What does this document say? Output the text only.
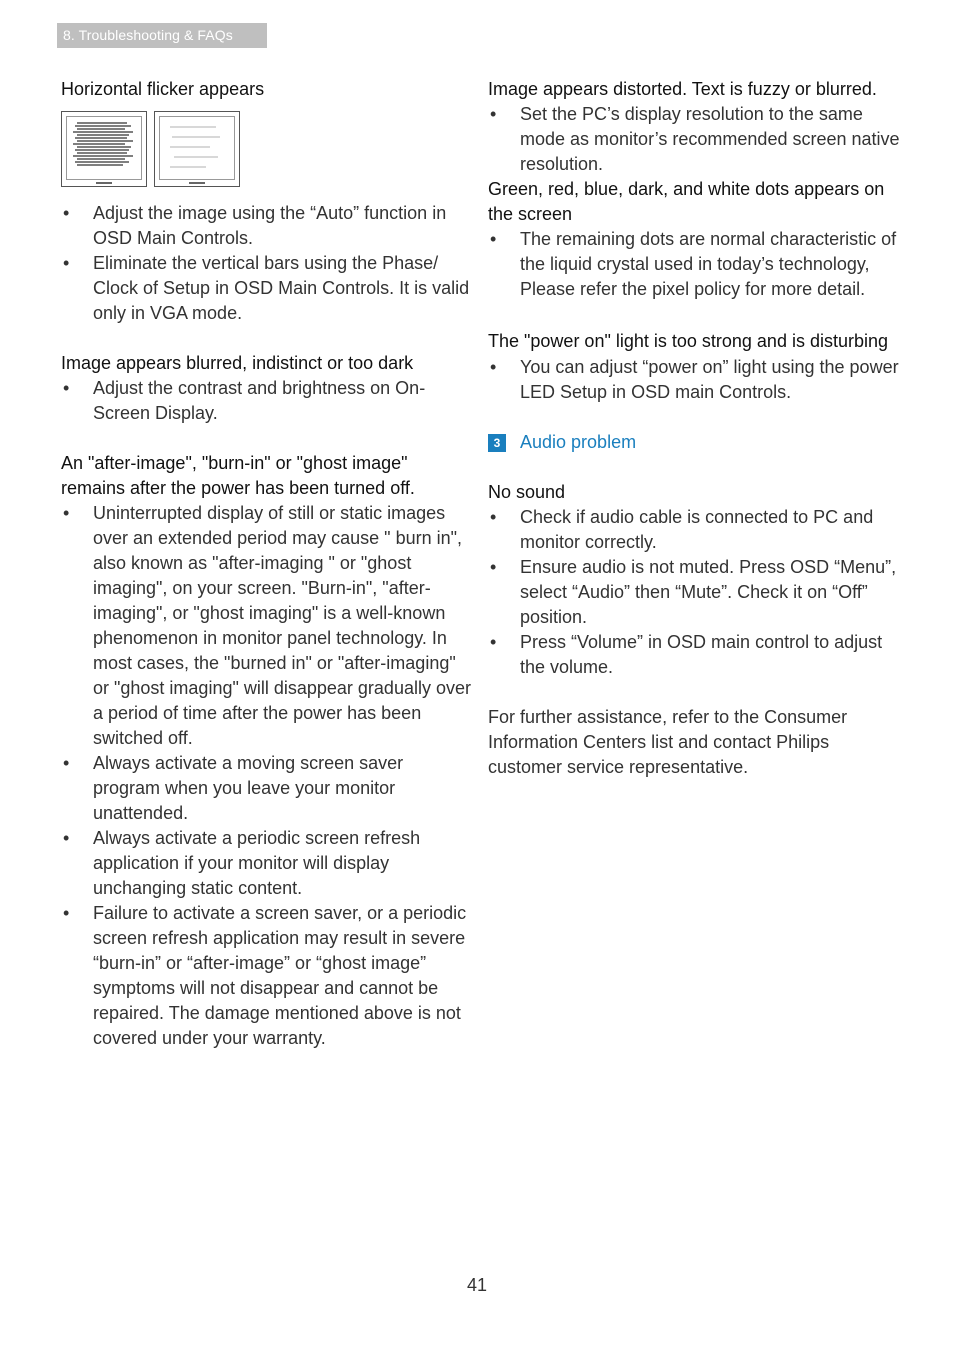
8. Troubleshooting & FAQs

Horizontal flicker appears

• Adjust the image using the “Auto” function in OSD Main Controls.
• Eliminate the vertical bars using the Phase/ Clock of Setup in OSD Main Controls. It is valid only in VGA mode.

Image appears blurred, indistinct or too dark

• Adjust the contrast and brightness on On-Screen Display.

An "after-image", "burn-in" or "ghost image" remains after the power has been turned off.

• Uninterrupted display of still or static images over an extended period may cause " burn in", also known as "after-imaging " or "ghost imaging", on your screen. "Burn-in", "after-imaging", or "ghost imaging" is a well-known phenomenon in monitor panel technology. In most cases, the "burned in" or "after-imaging" or "ghost imaging" will disappear gradually over a period of time after the power has been switched off.
• Always activate a moving screen saver program when you leave your monitor unattended.
• Always activate a periodic screen refresh application if your monitor will display unchanging static content.
• Failure to activate a screen saver, or a periodic screen refresh application may result in severe “burn-in” or “after-image” or “ghost image” symptoms will not disappear and cannot be repaired. The damage mentioned above is not covered under your warranty.

Image appears distorted. Text is fuzzy or blurred.

• Set the PC’s display resolution to the same mode as monitor’s recommended screen native resolution.

Green, red, blue, dark, and white dots appears on the screen

• The remaining dots are normal characteristic of the liquid crystal used in today’s technology, Please refer the pixel policy for more detail.

The "power on" light is too strong and is disturbing

• You can adjust “power on” light using the power LED Setup in OSD main Controls.
3	Audio problem

No sound

• Check if audio cable is connected to PC and monitor correctly.
• Ensure audio is not muted. Press OSD “Menu”, select “Audio” then “Mute”. Check it on “Off” position.
• Press “Volume” in OSD main control to adjust the volume.

For further assistance, refer to the Consumer Information Centers list and contact Philips customer service representative.

41
